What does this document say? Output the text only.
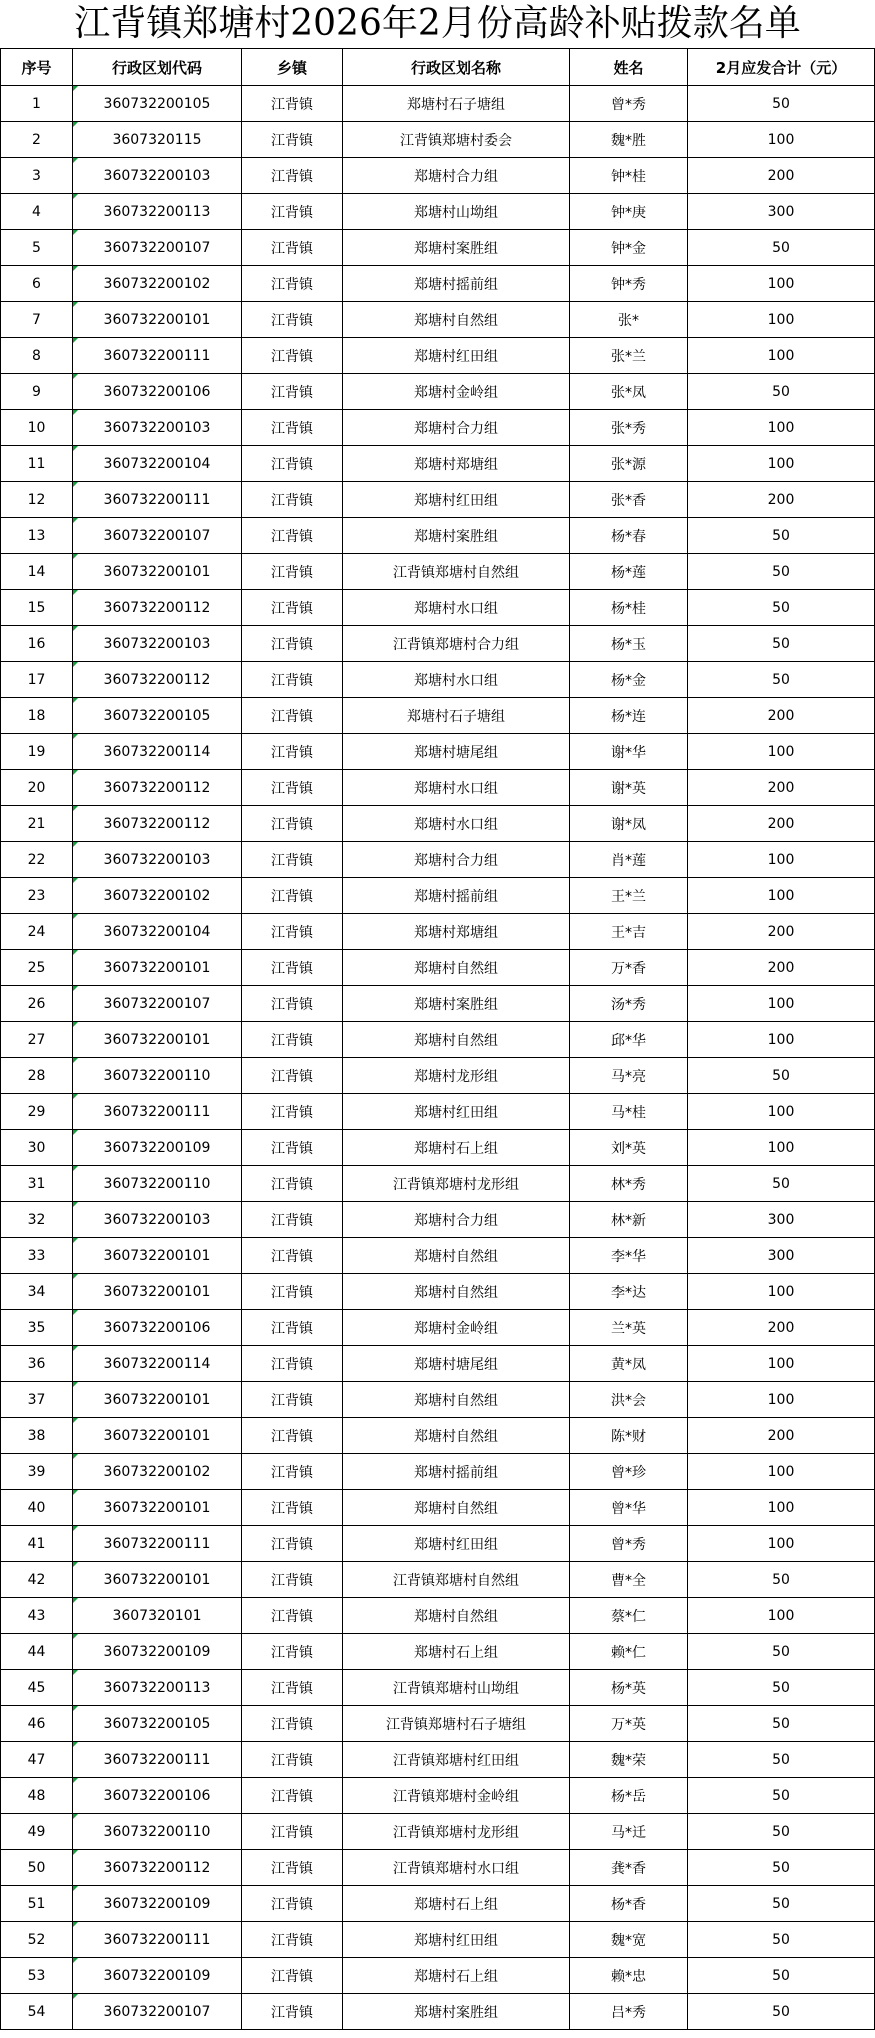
江背镇郑塘村2026年2月份高龄补贴拨款名单
序号	行政区划代码	乡镇	行政区划名称	姓名	2月应发合计（元）
1	360732200105	江背镇	郑塘村石子塘组	曾*秀	50
2	3607320115	江背镇	江背镇郑塘村委会	魏*胜	100
3	360732200103	江背镇	郑塘村合力组	钟*桂	200
4	360732200113	江背镇	郑塘村山坳组	钟*庚	300
5	360732200107	江背镇	郑塘村案胜组	钟*金	50
6	360732200102	江背镇	郑塘村摇前组	钟*秀	100
7	360732200101	江背镇	郑塘村自然组	张*	100
8	360732200111	江背镇	郑塘村红田组	张*兰	100
9	360732200106	江背镇	郑塘村金岭组	张*凤	50
10	360732200103	江背镇	郑塘村合力组	张*秀	100
11	360732200104	江背镇	郑塘村郑塘组	张*源	100
12	360732200111	江背镇	郑塘村红田组	张*香	200
13	360732200107	江背镇	郑塘村案胜组	杨*春	50
14	360732200101	江背镇	江背镇郑塘村自然组	杨*莲	50
15	360732200112	江背镇	郑塘村水口组	杨*桂	50
16	360732200103	江背镇	江背镇郑塘村合力组	杨*玉	50
17	360732200112	江背镇	郑塘村水口组	杨*金	50
18	360732200105	江背镇	郑塘村石子塘组	杨*连	200
19	360732200114	江背镇	郑塘村塘尾组	谢*华	100
20	360732200112	江背镇	郑塘村水口组	谢*英	200
21	360732200112	江背镇	郑塘村水口组	谢*凤	200
22	360732200103	江背镇	郑塘村合力组	肖*莲	100
23	360732200102	江背镇	郑塘村摇前组	王*兰	100
24	360732200104	江背镇	郑塘村郑塘组	王*吉	200
25	360732200101	江背镇	郑塘村自然组	万*香	200
26	360732200107	江背镇	郑塘村案胜组	汤*秀	100
27	360732200101	江背镇	郑塘村自然组	邱*华	100
28	360732200110	江背镇	郑塘村龙形组	马*亮	50
29	360732200111	江背镇	郑塘村红田组	马*桂	100
30	360732200109	江背镇	郑塘村石上组	刘*英	100
31	360732200110	江背镇	江背镇郑塘村龙形组	林*秀	50
32	360732200103	江背镇	郑塘村合力组	林*新	300
33	360732200101	江背镇	郑塘村自然组	李*华	300
34	360732200101	江背镇	郑塘村自然组	李*达	100
35	360732200106	江背镇	郑塘村金岭组	兰*英	200
36	360732200114	江背镇	郑塘村塘尾组	黄*凤	100
37	360732200101	江背镇	郑塘村自然组	洪*会	100
38	360732200101	江背镇	郑塘村自然组	陈*财	200
39	360732200102	江背镇	郑塘村摇前组	曾*珍	100
40	360732200101	江背镇	郑塘村自然组	曾*华	100
41	360732200111	江背镇	郑塘村红田组	曾*秀	100
42	360732200101	江背镇	江背镇郑塘村自然组	曹*全	50
43	3607320101	江背镇	郑塘村自然组	蔡*仁	100
44	360732200109	江背镇	郑塘村石上组	赖*仁	50
45	360732200113	江背镇	江背镇郑塘村山坳组	杨*英	50
46	360732200105	江背镇	江背镇郑塘村石子塘组	万*英	50
47	360732200111	江背镇	江背镇郑塘村红田组	魏*荣	50
48	360732200106	江背镇	江背镇郑塘村金岭组	杨*岳	50
49	360732200110	江背镇	江背镇郑塘村龙形组	马*迁	50
50	360732200112	江背镇	江背镇郑塘村水口组	龚*香	50
51	360732200109	江背镇	郑塘村石上组	杨*香	50
52	360732200111	江背镇	郑塘村红田组	魏*宽	50
53	360732200109	江背镇	郑塘村石上组	赖*忠	50
54	360732200107	江背镇	郑塘村案胜组	吕*秀	50
